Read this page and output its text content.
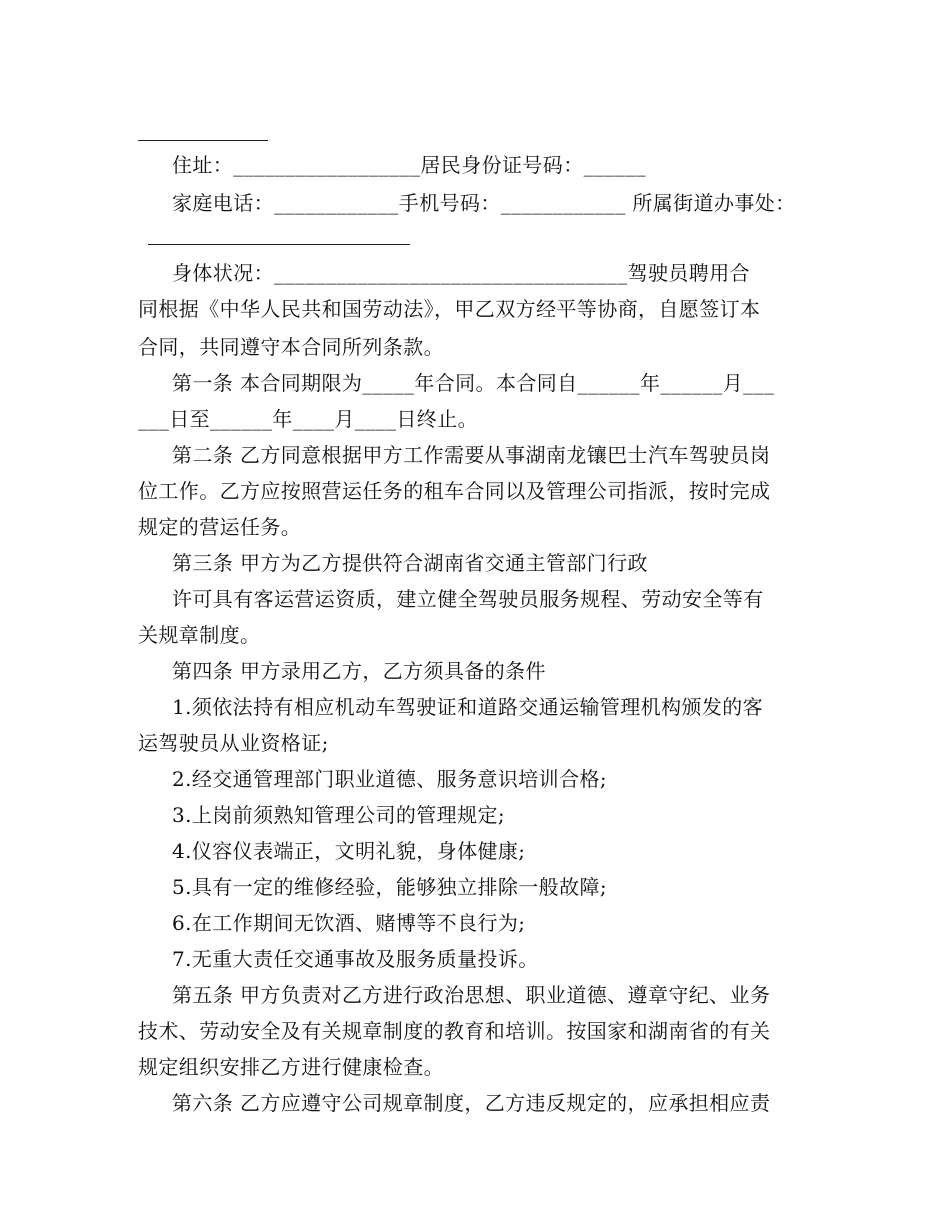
住址：__________________居民身份证号码：______
家庭电话：____________手机号码：____________ 所属街道办事处：
身体状况：__________________________________驾驶员聘用合
同根据《中华人民共和国劳动法》，甲乙双方经平等协商，自愿签订本
合同，共同遵守本合同所列条款。
第一条 本合同期限为_____年合同。本合同自______年______月___
___日至______年____月____日终止。
第二条 乙方同意根据甲方工作需要从事湖南龙镶巴士汽车驾驶员岗
位工作。乙方应按照营运任务的租车合同以及管理公司指派，按时完成
规定的营运任务。
第三条 甲方为乙方提供符合湖南省交通主管部门行政
许可具有客运营运资质，建立健全驾驶员服务规程、劳动安全等有
关规章制度。
第四条 甲方录用乙方，乙方须具备的条件
1.须依法持有相应机动车驾驶证和道路交通运输管理机构颁发的客
运驾驶员从业资格证;
2.经交通管理部门职业道德、服务意识培训合格;
3.上岗前须熟知管理公司的管理规定;
4.仪容仪表端正，文明礼貌，身体健康;
5.具有一定的维修经验，能够独立排除一般故障;
6.在工作期间无饮酒、赌博等不良行为;
7.无重大责任交通事故及服务质量投诉。
第五条 甲方负责对乙方进行政治思想、职业道德、遵章守纪、业务
技术、劳动安全及有关规章制度的教育和培训。按国家和湖南省的有关
规定组织安排乙方进行健康检查。
第六条 乙方应遵守公司规章制度，乙方违反规定的，应承担相应责
